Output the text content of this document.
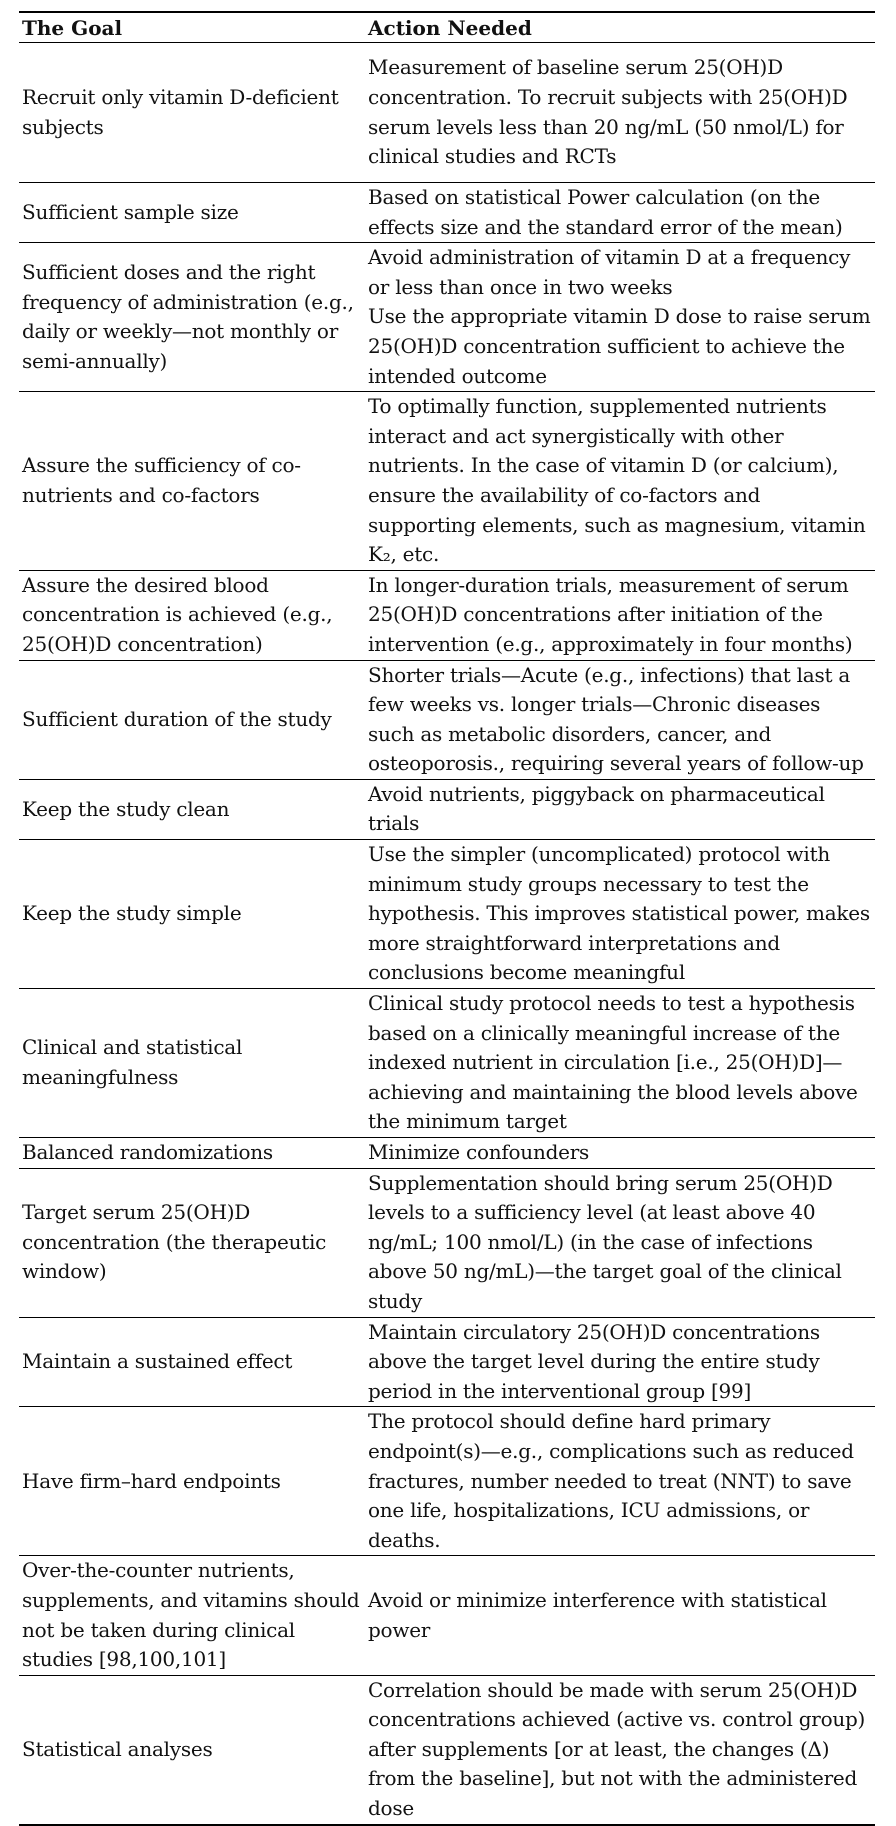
The Goal	Action Needed
Recruit only vitamin D-deficient subjects	Measurement of baseline serum 25(OH)D concentration. To recruit subjects with 25(OH)D serum levels less than 20 ng/mL (50 nmol/L) for clinical studies and RCTs

Sufficient sample size	Based on statistical Power calculation (on the effects size and the standard error of the mean)

Sufficient doses and the right frequency of administration (e.g., daily or weekly—not monthly or semi-annually)	Avoid administration of vitamin D at a frequency or less than once in two weeks
Use the appropriate vitamin D dose to raise serum 25(OH)D concentration sufficient to achieve the intended outcome

Assure the sufficiency of co-nutrients and co-factors	To optimally function, supplemented nutrients interact and act synergistically with other nutrients. In the case of vitamin D (or calcium), ensure the availability of co-factors and supporting elements, such as magnesium, vitamin K₂, etc.

Assure the desired blood concentration is achieved (e.g., 25(OH)D concentration)	In longer-duration trials, measurement of serum 25(OH)D concentrations after initiation of the intervention (e.g., approximately in four months)

Sufficient duration of the study	Shorter trials—Acute (e.g., infections) that last a few weeks vs. longer trials—Chronic diseases such as metabolic disorders, cancer, and osteoporosis., requiring several years of follow-up

Keep the study clean	Avoid nutrients, piggyback on pharmaceutical trials

Keep the study simple	Use the simpler (uncomplicated) protocol with minimum study groups necessary to test the hypothesis. This improves statistical power, makes more straightforward interpretations and conclusions become meaningful

Clinical and statistical meaningfulness	Clinical study protocol needs to test a hypothesis based on a clinically meaningful increase of the indexed nutrient in circulation [i.e., 25(OH)D]—achieving and maintaining the blood levels above the minimum target

Balanced randomizations	Minimize confounders

Target serum 25(OH)D concentration (the therapeutic window)	Supplementation should bring serum 25(OH)D levels to a sufficiency level (at least above 40 ng/mL; 100 nmol/L) (in the case of infections above 50 ng/mL)—the target goal of the clinical study

Maintain a sustained effect	Maintain circulatory 25(OH)D concentrations above the target level during the entire study period in the interventional group [99]

Have firm–hard endpoints	The protocol should define hard primary endpoint(s)—e.g., complications such as reduced fractures, number needed to treat (NNT) to save one life, hospitalizations, ICU admissions, or deaths.

Over-the-counter nutrients, supplements, and vitamins should not be taken during clinical studies [98,100,101]	Avoid or minimize interference with statistical power

Statistical analyses	Correlation should be made with serum 25(OH)D concentrations achieved (active vs. control group) after supplements [or at least, the changes (Δ) from the baseline], but not with the administered dose
